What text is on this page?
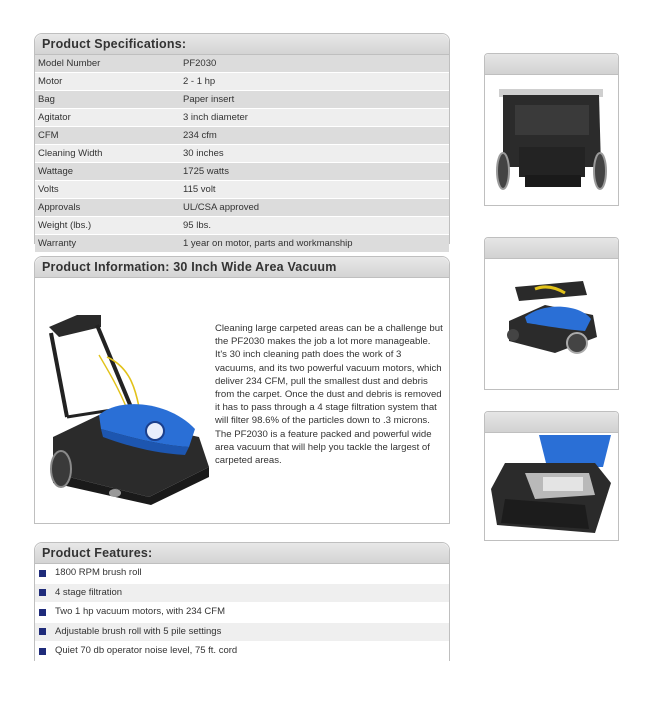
Product Specifications:
Model Number	PF2030
Motor	2 - 1 hp
Bag	Paper insert
Agitator	3 inch diameter
CFM	234 cfm
Cleaning Width	30 inches
Wattage	1725 watts
Volts	115 volt
Approvals	UL/CSA approved
Weight (lbs.)	95 lbs.
Warranty	1 year on motor, parts and workmanship
Product Information: 30 Inch Wide Area Vacuum
Cleaning large carpeted areas can be a challenge but the PF2030 makes the job a lot more manageable. It's 30 inch cleaning path does the work of 3 vacuums, and its two powerful vacuum motors, which deliver 234 CFM, pull the smallest dust and debris from the carpet. Once the dust and debris is removed it has to pass through a 4 stage filtration system that will filter 98.6% of the particles down to .3 microns. The PF2030 is a feature packed and powerful wide area vacuum that will help you tackle the largest of carpeted areas.
Product Features:
1800 RPM brush roll
4 stage filtration
Two 1 hp vacuum motors, with 234 CFM
Adjustable brush roll with 5 pile settings
Quiet 70 db operator noise level, 75 ft. cord
